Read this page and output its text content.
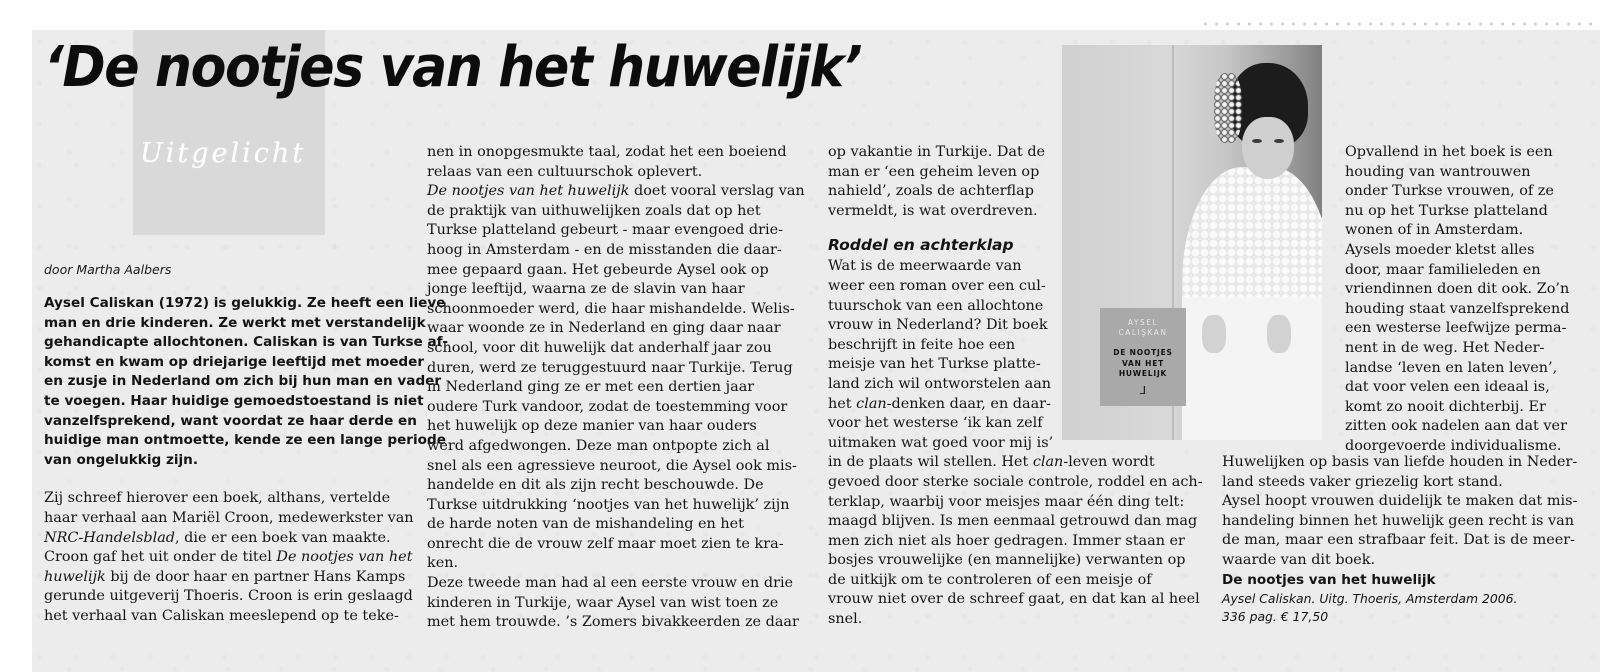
‘De nootjes van het huwelijk’
Uitgelicht
door Martha Aalbers
Aysel Caliskan (1972) is gelukkig. Ze heeft een lieve
man en drie kinderen. Ze werkt met verstandelijk
gehandicapte allochtonen. Caliskan is van Turkse af-
komst en kwam op driejarige leeftijd met moeder
en zusje in Nederland om zich bij hun man en vader
te voegen. Haar huidige gemoedstoestand is niet
vanzelfsprekend, want voordat ze haar derde en
huidige man ontmoette, kende ze een lange periode
van ongelukkig zijn.
Zij schreef hierover een boek, althans, vertelde
haar verhaal aan Mariël Croon, medewerkster van
NRC-Handelsblad, die er een boek van maakte.
Croon gaf het uit onder de titel De nootjes van het
huwelijk bij de door haar en partner Hans Kamps
gerunde uitgeverij Thoeris. Croon is erin geslaagd
het verhaal van Caliskan meeslepend op te teke-
nen in onopgesmukte taal, zodat het een boeiend
relaas van een cultuurschok oplevert.
De nootjes van het huwelijk doet vooral verslag van
de praktijk van uithuwelijken zoals dat op het
Turkse platteland gebeurt - maar evengoed drie-
hoog in Amsterdam - en de misstanden die daar-
mee gepaard gaan. Het gebeurde Aysel ook op
jonge leeftijd, waarna ze de slavin van haar
schoonmoeder werd, die haar mishandelde. Welis-
waar woonde ze in Nederland en ging daar naar
school, voor dit huwelijk dat anderhalf jaar zou
duren, werd ze teruggestuurd naar Turkije. Terug
in Nederland ging ze er met een dertien jaar
oudere Turk vandoor, zodat de toestemming voor
het huwelijk op deze manier van haar ouders
werd afgedwongen. Deze man ontpopte zich al
snel als een agressieve neuroot, die Aysel ook mis-
handelde en dit als zijn recht beschouwde. De
Turkse uitdrukking ‘nootjes van het huwelijk’ zijn
de harde noten van de mishandeling en het
onrecht die de vrouw zelf maar moet zien te kra-
ken.
Deze tweede man had al een eerste vrouw en drie
kinderen in Turkije, waar Aysel van wist toen ze
met hem trouwde. ’s Zomers bivakkeerden ze daar
op vakantie in Turkije. Dat de
man er ‘een geheim leven op
nahield’, zoals de achterflap
vermeldt, is wat overdreven.
Roddel en achterklap
Wat is de meerwaarde van
weer een roman over een cul-
tuurschok van een allochtone
vrouw in Nederland? Dit boek
beschrijft in feite hoe een
meisje van het Turkse platte-
land zich wil ontworstelen aan
het clan-denken daar, en daar-
voor het westerse ‘ik kan zelf
uitmaken wat goed voor mij is’
in de plaats wil stellen. Het clan-leven wordt
gevoed door sterke sociale controle, roddel en ach-
terklap, waarbij voor meisjes maar één ding telt:
maagd blijven. Is men eenmaal getrouwd dan mag
men zich niet als hoer gedragen. Immer staan er
bosjes vrouwelijke (en mannelijke) verwanten op
de uitkijk om te controleren of een meisje of
vrouw niet over de schreef gaat, en dat kan al heel
snel.
AYSEL
CALIŞKAN
DE NOOTJES
VAN HET
HUWELIJK
⅃
Opvallend in het boek is een
houding van wantrouwen
onder Turkse vrouwen, of ze
nu op het Turkse platteland
wonen of in Amsterdam.
Aysels moeder kletst alles
door, maar familieleden en
vriendinnen doen dit ook. Zo’n
houding staat vanzelfsprekend
een westerse leefwijze perma-
nent in de weg. Het Neder-
landse ‘leven en laten leven’,
dat voor velen een ideaal is,
komt zo nooit dichterbij. Er
zitten ook nadelen aan dat ver
doorgevoerde individualisme.
Huwelijken op basis van liefde houden in Neder-
land steeds vaker griezelig kort stand.
Aysel hoopt vrouwen duidelijk te maken dat mis-
handeling binnen het huwelijk geen recht is van
de man, maar een strafbaar feit. Dat is de meer-
waarde van dit boek.
De nootjes van het huwelijk
Aysel Caliskan. Uitg. Thoeris, Amsterdam 2006.
336 pag. € 17,50
